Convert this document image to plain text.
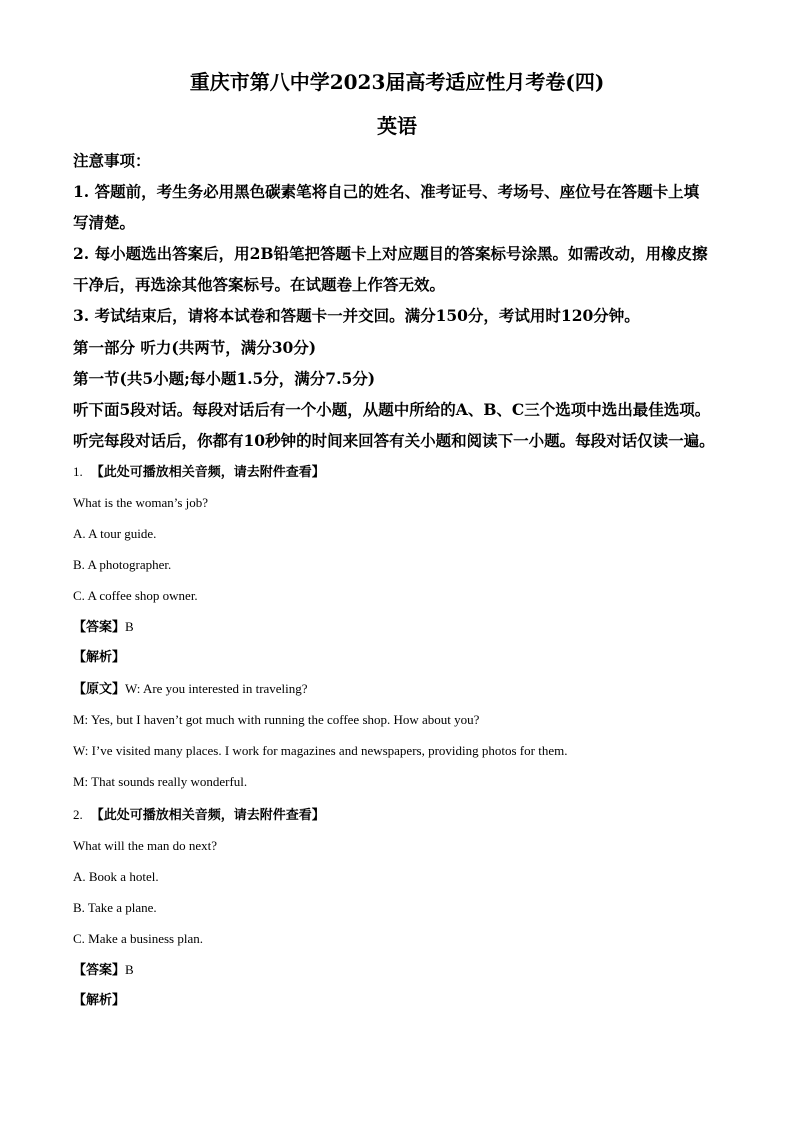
重庆市第八中学2023届高考适应性月考卷(四)
英语
注意事项：
1. 答题前，考生务必用黑色碳素笔将自己的姓名、准考证号、考场号、座位号在答题卡上填
写清楚。
2. 每小题选出答案后，用2B铅笔把答题卡上对应题目的答案标号涂黑。如需改动，用橡皮擦
干净后，再选涂其他答案标号。在试题卷上作答无效。
3. 考试结束后，请将本试卷和答题卡一并交回。满分150分，考试用时120分钟。
第一部分 听力(共两节，满分30分)
第一节(共5小题;每小题1.5分，满分7.5分)
听下面5段对话。每段对话后有一个小题，从题中所给的A、B、C三个选项中选出最佳选项。
听完每段对话后，你都有10秒钟的时间来回答有关小题和阅读下一小题。每段对话仅读一遍。
1. 【此处可播放相关音频，请去附件查看】
What is the woman’s job?
A. A tour guide.
B. A photographer.
C. A coffee shop owner.
【答案】B
【解析】
【原文】W: Are you interested in traveling?
M: Yes, but I haven’t got much with running the coffee shop. How about you?
W: I’ve visited many places. I work for magazines and newspapers, providing photos for them.
M: That sounds really wonderful.
2. 【此处可播放相关音频，请去附件查看】
What will the man do next?
A. Book a hotel.
B. Take a plane.
C. Make a business plan.
【答案】B
【解析】
